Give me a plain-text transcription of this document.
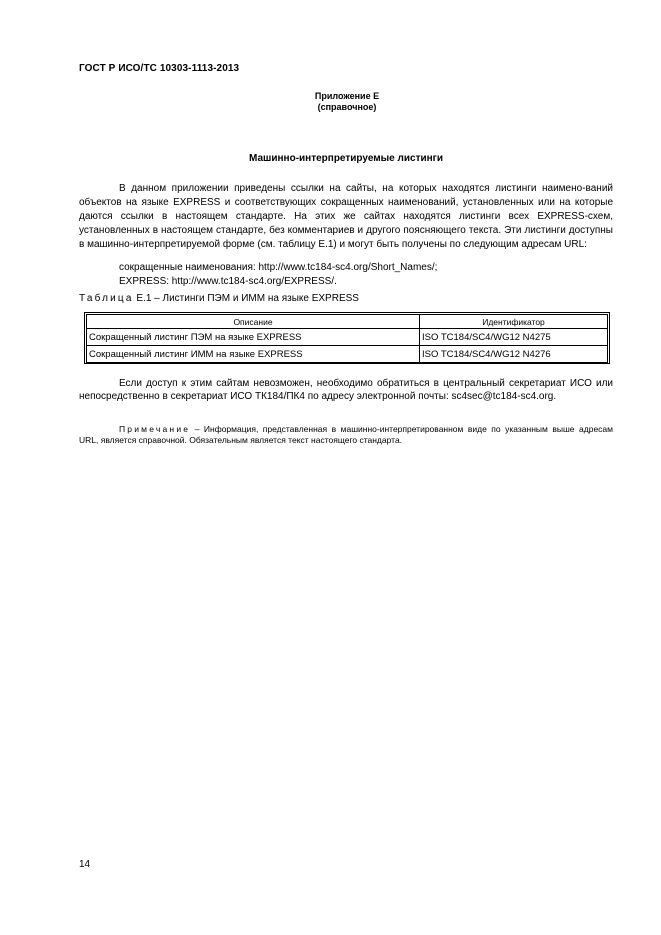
ГОСТ Р ИСО/ТС 10303-1113-2013
Приложение Е
(справочное)
Машинно-интерпретируемые листинги

В данном приложении приведены ссылки на сайты, на которых находятся листинги наимено-ваний объектов на языке EXPRESS и соответствующих сокращенных наименований, установленных или на которые даются ссылки в настоящем стандарте. На этих же сайтах находятся листинги всех EXPRESS-схем, установленных в настоящем стандарте, без комментариев и другого поясняющего текста. Эти листинги доступны в машинно-интерпретируемой форме (см. таблицу Е.1) и могут быть получены по следующим адресам URL:

сокращенные наименования: http://www.tc184-sc4.org/Short_Names/;
EXPRESS: http://www.tc184-sc4.org/EXPRESS/.
Таблица Е.1 – Листинги ПЭМ и ИММ на языке EXPRESS
Описание	Идентификатор
Сокращенный листинг ПЭМ на языке EXPRESS	ISO TC184/SC4/WG12 N4275
Сокращенный листинг ИММ на языке EXPRESS	ISO TC184/SC4/WG12 N4276

Если доступ к этим сайтам невозможен, необходимо обратиться в центральный секретариат ИСО или непосредственно в секретариат ИСО ТК184/ПК4 по адресу электронной почты: sc4sec@tc184-sc4.org.

Примечание – Информация, представленная в машинно-интерпретированном виде по указанным выше адресам URL, является справочной. Обязательным является текст настоящего стандарта.

14
